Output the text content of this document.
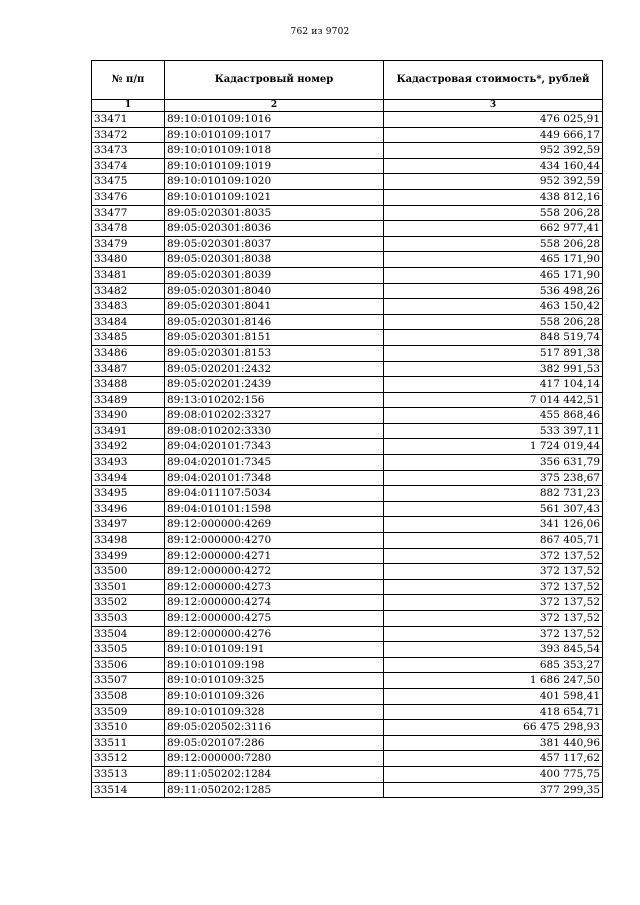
762 из 9702
№ п/п	Кадастровый номер	Кадастровая стоимость*, рублей
1	2	3
33471	89:10:010109:1016	476 025,91
33472	89:10:010109:1017	449 666,17
33473	89:10:010109:1018	952 392,59
33474	89:10:010109:1019	434 160,44
33475	89:10:010109:1020	952 392,59
33476	89:10:010109:1021	438 812,16
33477	89:05:020301:8035	558 206,28
33478	89:05:020301:8036	662 977,41
33479	89:05:020301:8037	558 206,28
33480	89:05:020301:8038	465 171,90
33481	89:05:020301:8039	465 171,90
33482	89:05:020301:8040	536 498,26
33483	89:05:020301:8041	463 150,42
33484	89:05:020301:8146	558 206,28
33485	89:05:020301:8151	848 519,74
33486	89:05:020301:8153	517 891,38
33487	89:05:020201:2432	382 991,53
33488	89:05:020201:2439	417 104,14
33489	89:13:010202:156	7 014 442,51
33490	89:08:010202:3327	455 868,46
33491	89:08:010202:3330	533 397,11
33492	89:04:020101:7343	1 724 019,44
33493	89:04:020101:7345	356 631,79
33494	89:04:020101:7348	375 238,67
33495	89:04:011107:5034	882 731,23
33496	89:04:010101:1598	561 307,43
33497	89:12:000000:4269	341 126,06
33498	89:12:000000:4270	867 405,71
33499	89:12:000000:4271	372 137,52
33500	89:12:000000:4272	372 137,52
33501	89:12:000000:4273	372 137,52
33502	89:12:000000:4274	372 137,52
33503	89:12:000000:4275	372 137,52
33504	89:12:000000:4276	372 137,52
33505	89:10:010109:191	393 845,54
33506	89:10:010109:198	685 353,27
33507	89:10:010109:325	1 686 247,50
33508	89:10:010109:326	401 598,41
33509	89:10:010109:328	418 654,71
33510	89:05:020502:3116	66 475 298,93
33511	89:05:020107:286	381 440,96
33512	89:12:000000:7280	457 117,62
33513	89:11:050202:1284	400 775,75
33514	89:11:050202:1285	377 299,35
